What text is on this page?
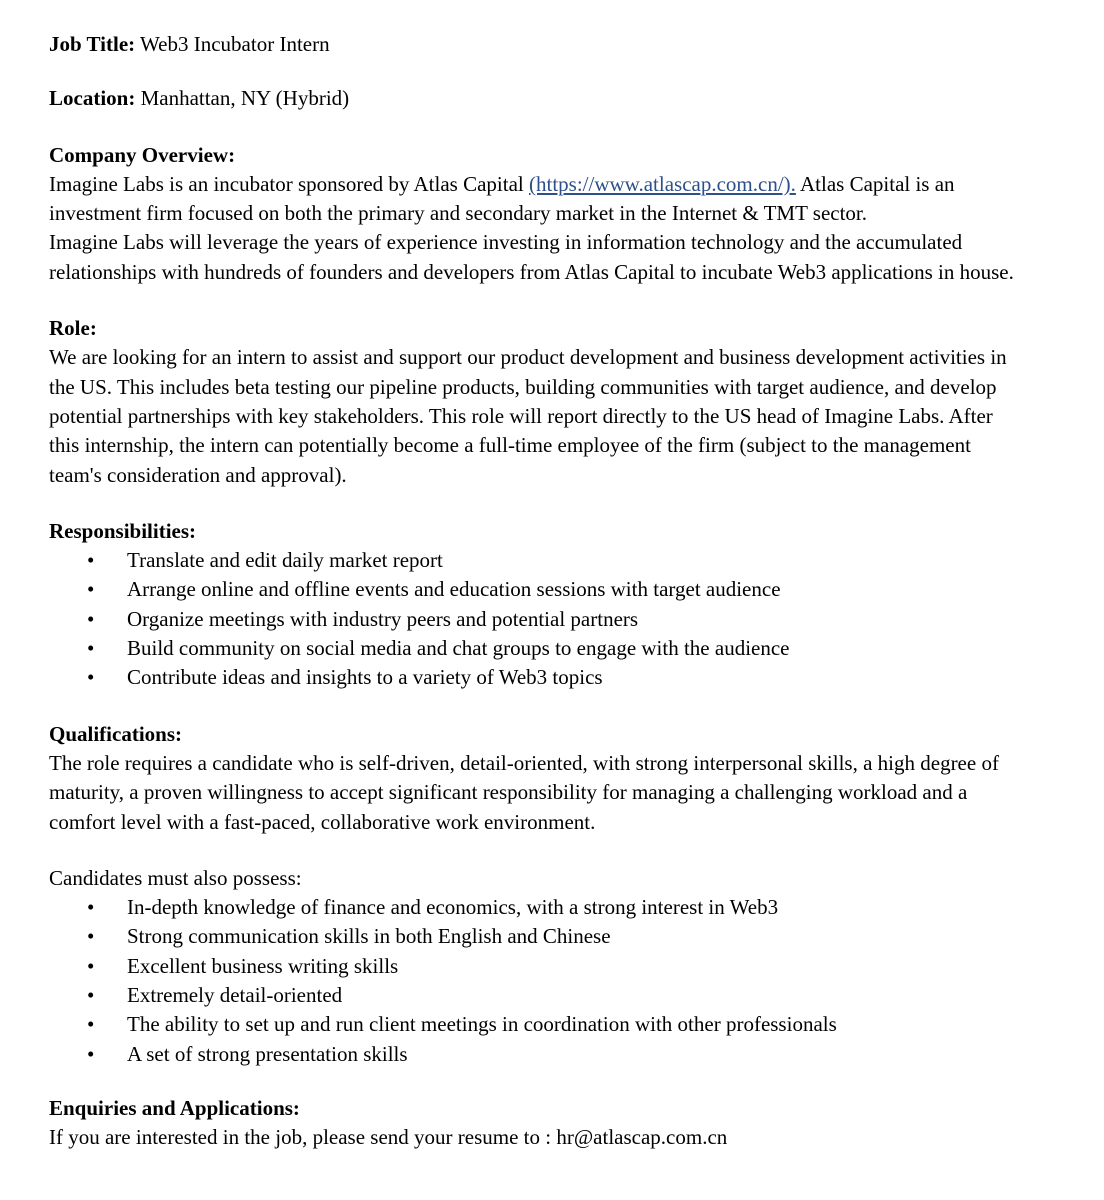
Job Title: Web3 Incubator Intern

Location: Manhattan, NY (Hybrid)

Company Overview:

Imagine Labs is an incubator sponsored by Atlas Capital (https://www.atlascap.com.cn/). Atlas Capital is an investment firm focused on both the primary and secondary market in the Internet & TMT sector.

Imagine Labs will leverage the years of experience investing in information technology and the accumulated relationships with hundreds of founders and developers from Atlas Capital to incubate Web3 applications in house.

Role:

We are looking for an intern to assist and support our product development and business development activities in the US. This includes beta testing our pipeline products, building communities with target audience, and develop potential partnerships with key stakeholders. This role will report directly to the US head of Imagine Labs. After this internship, the intern can potentially become a full-time employee of the firm (subject to the management team's consideration and approval).

Responsibilities:

• Translate and edit daily market report
• Arrange online and offline events and education sessions with target audience
• Organize meetings with industry peers and potential partners
• Build community on social media and chat groups to engage with the audience
• Contribute ideas and insights to a variety of Web3 topics

Qualifications:

The role requires a candidate who is self-driven, detail-oriented, with strong interpersonal skills, a high degree of maturity, a proven willingness to accept significant responsibility for managing a challenging workload and a comfort level with a fast-paced, collaborative work environment.

Candidates must also possess:

• In-depth knowledge of finance and economics, with a strong interest in Web3
• Strong communication skills in both English and Chinese
• Excellent business writing skills
• Extremely detail-oriented
• The ability to set up and run client meetings in coordination with other professionals
• A set of strong presentation skills

Enquiries and Applications:

If you are interested in the job, please send your resume to : hr@atlascap.com.cn
